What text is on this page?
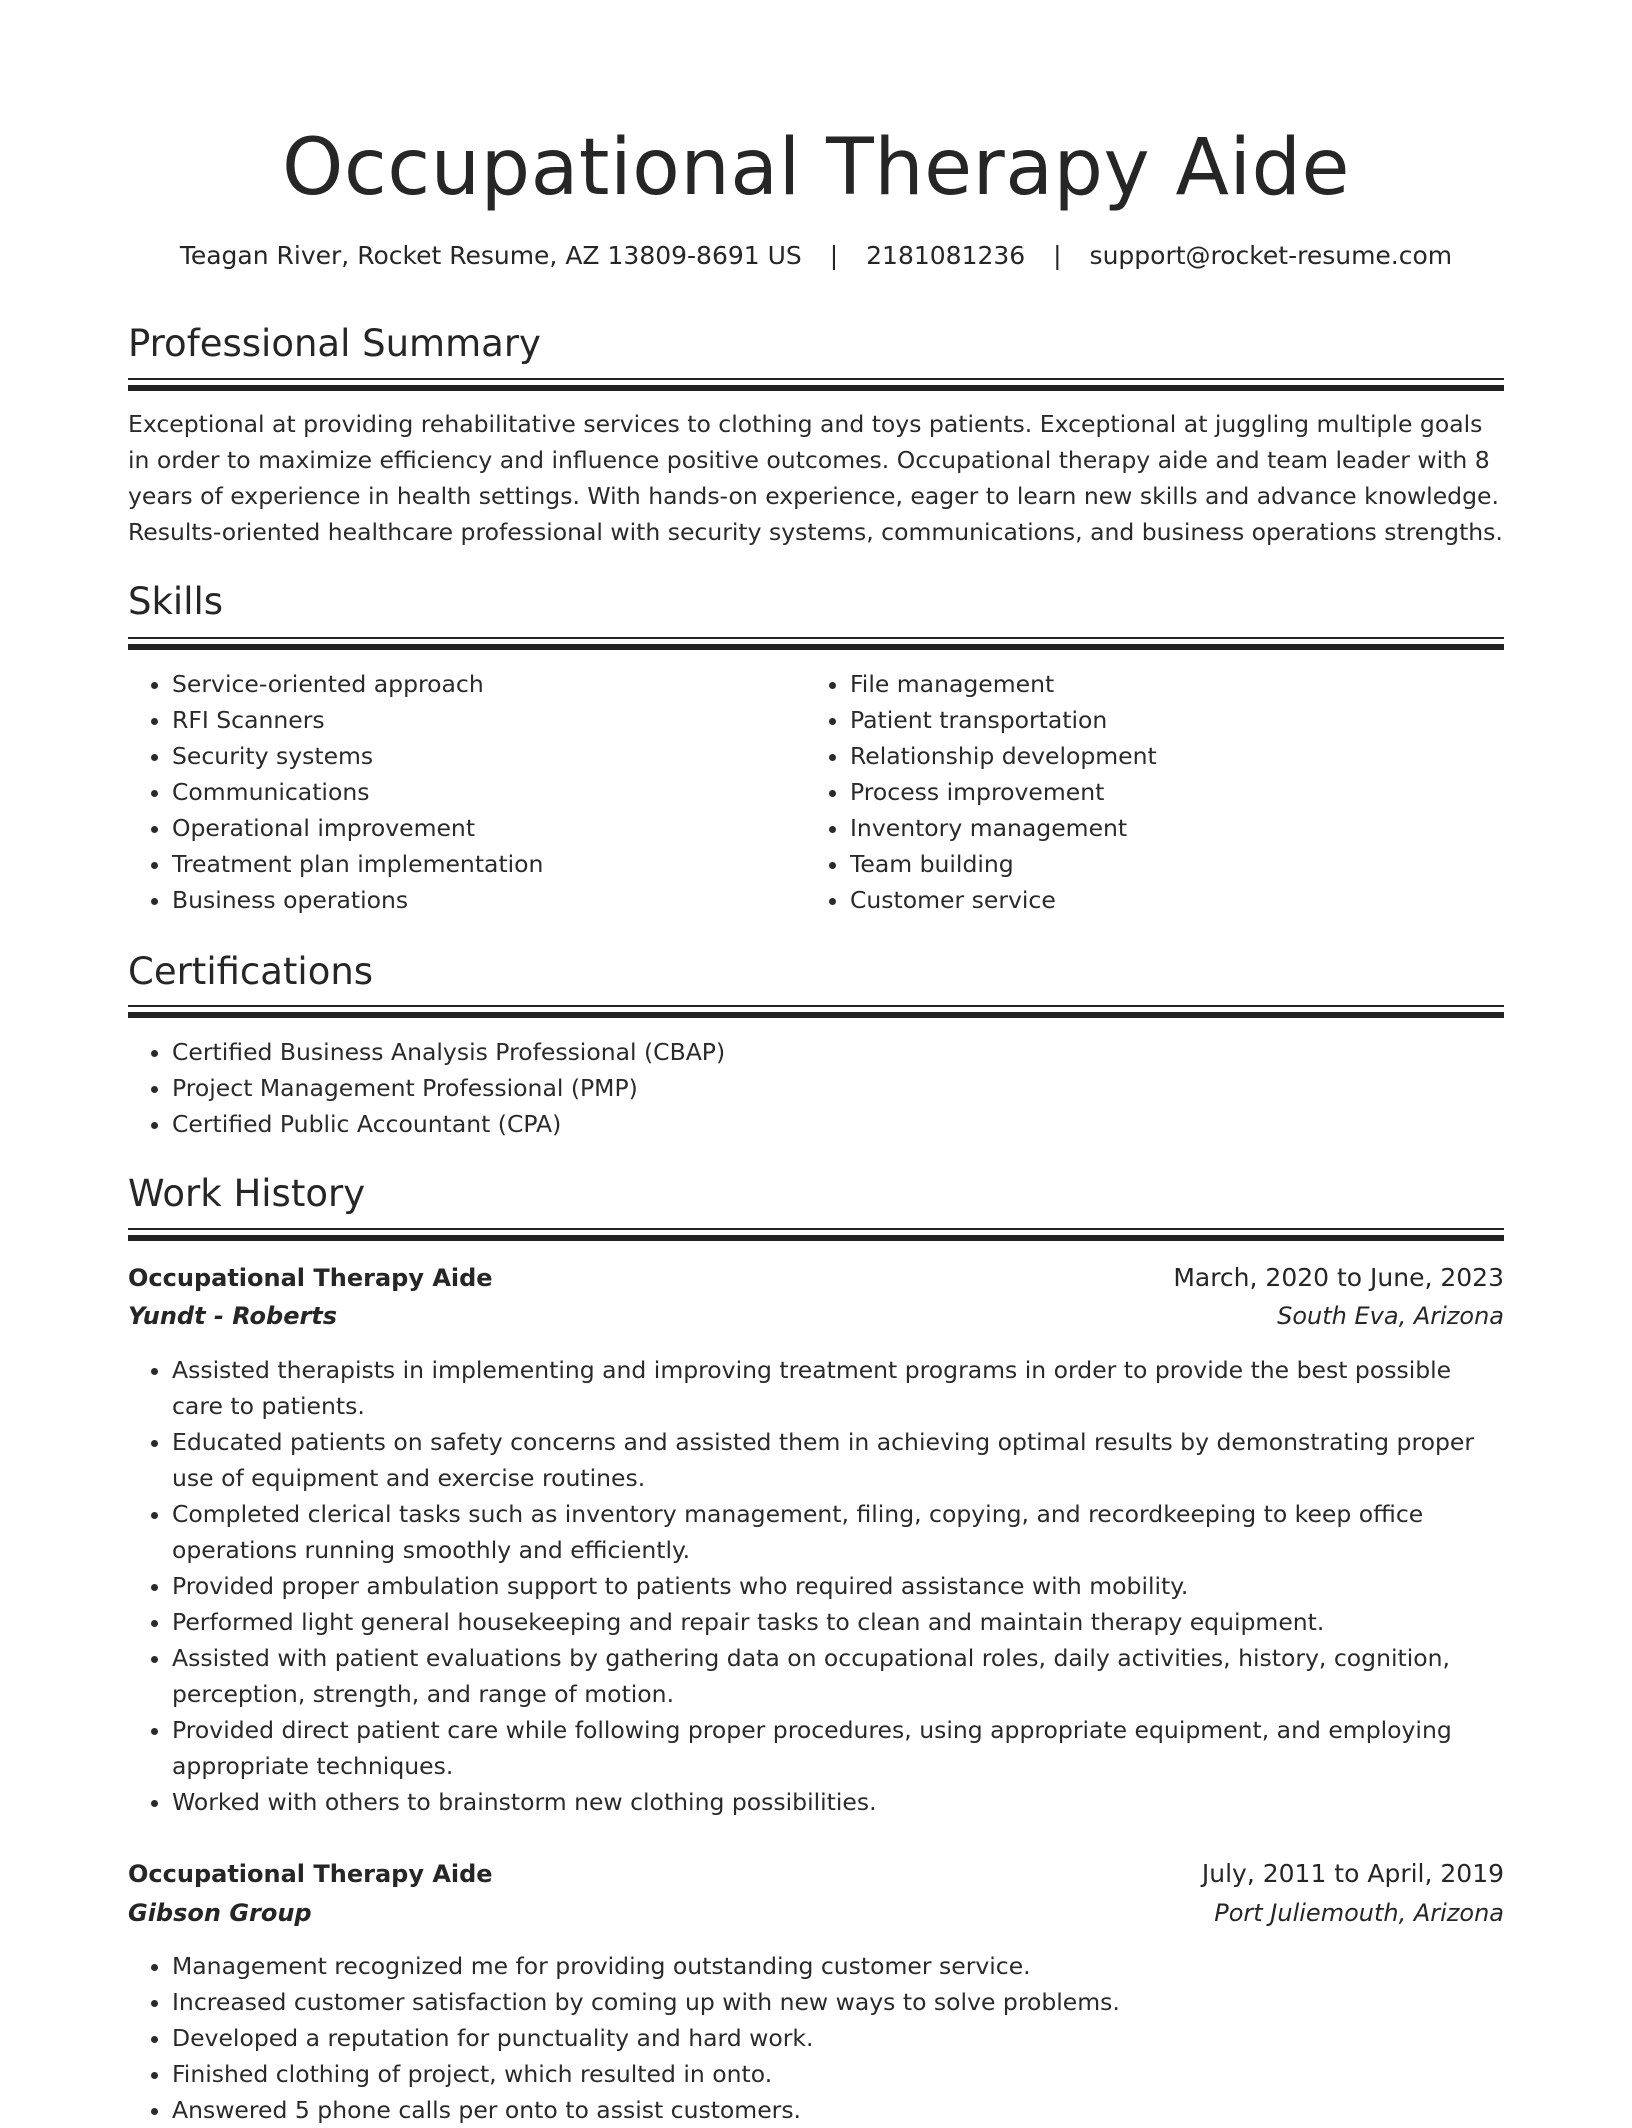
Occupational Therapy Aide
Teagan River, Rocket Resume, AZ 13809-8691 US | 2181081236 | support@rocket-resume.com
Professional Summary
Exceptional at providing rehabilitative services to clothing and toys patients. Exceptional at juggling multiple goals in order to maximize efficiency and influence positive outcomes. Occupational therapy aide and team leader with 8 years of experience in health settings. With hands-on experience, eager to learn new skills and advance knowledge. Results-oriented healthcare professional with security systems, communications, and business operations strengths.
Skills
• Service-oriented approach
• RFI Scanners
• Security systems
• Communications
• Operational improvement
• Treatment plan implementation
• Business operations
• File management
• Patient transportation
• Relationship development
• Process improvement
• Inventory management
• Team building
• Customer service
Certifications
• Certified Business Analysis Professional (CBAP)
• Project Management Professional (PMP)
• Certified Public Accountant (CPA)
Work History
Occupational Therapy Aide	March, 2020 to June, 2023
Yundt - Roberts	South Eva, Arizona
• Assisted therapists in implementing and improving treatment programs in order to provide the best possible care to patients.
• Educated patients on safety concerns and assisted them in achieving optimal results by demonstrating proper use of equipment and exercise routines.
• Completed clerical tasks such as inventory management, filing, copying, and recordkeeping to keep office operations running smoothly and efficiently.
• Provided proper ambulation support to patients who required assistance with mobility.
• Performed light general housekeeping and repair tasks to clean and maintain therapy equipment.
• Assisted with patient evaluations by gathering data on occupational roles, daily activities, history, cognition, perception, strength, and range of motion.
• Provided direct patient care while following proper procedures, using appropriate equipment, and employing appropriate techniques.
• Worked with others to brainstorm new clothing possibilities.
Occupational Therapy Aide	July, 2011 to April, 2019
Gibson Group	Port Juliemouth, Arizona
• Management recognized me for providing outstanding customer service.
• Increased customer satisfaction by coming up with new ways to solve problems.
• Developed a reputation for punctuality and hard work.
• Finished clothing of project, which resulted in onto.
• Answered 5 phone calls per onto to assist customers.
